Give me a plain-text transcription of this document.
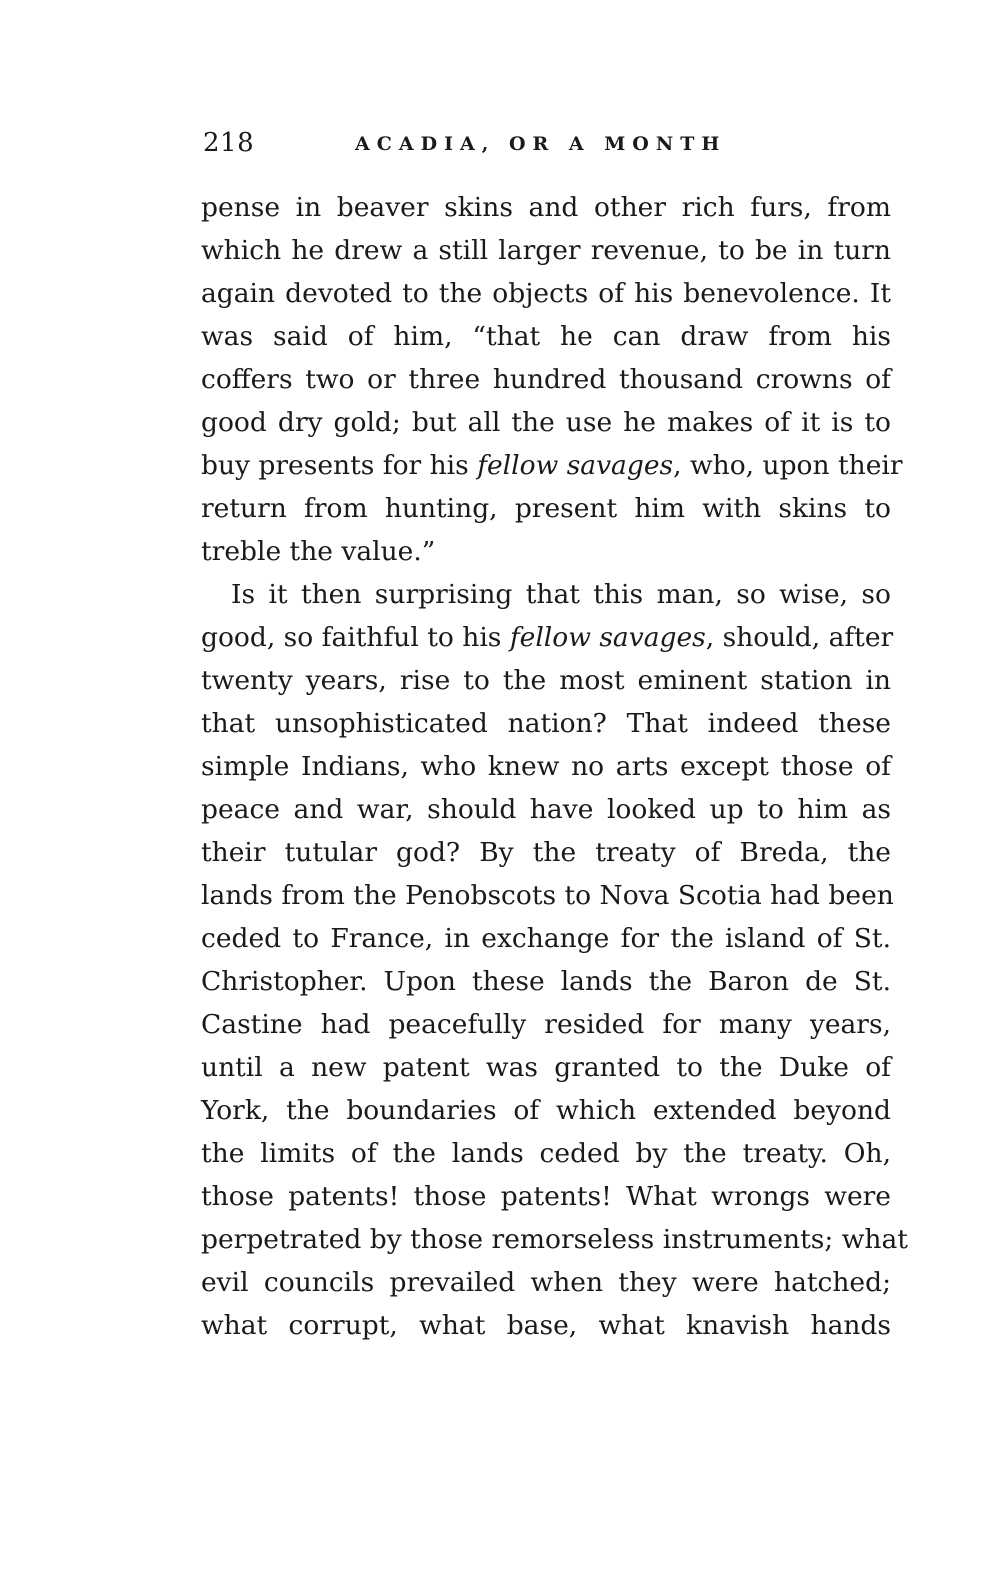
218	ACADIA, OR A MONTH
pense in beaver skins and other rich furs, from
which he drew a still larger revenue, to be in turn
again devoted to the objects of his benevolence. It
was said of him, “that he can draw from his
coffers two or three hundred thousand crowns of
good dry gold; but all the use he makes of it is to
buy presents for his fellow savages, who, upon their
return from hunting, present him with skins to
treble the value.”
Is it then surprising that this man, so wise, so
good, so faithful to his fellow savages, should, after
twenty years, rise to the most eminent station in
that unsophisticated nation? That indeed these
simple Indians, who knew no arts except those of
peace and war, should have looked up to him as
their tutular god? By the treaty of Breda, the
lands from the Penobscots to Nova Scotia had been
ceded to France, in exchange for the island of St.
Christopher. Upon these lands the Baron de St.
Castine had peacefully resided for many years,
until a new patent was granted to the Duke of
York, the boundaries of which extended beyond
the limits of the lands ceded by the treaty. Oh,
those patents! those patents! What wrongs were
perpetrated by those remorseless instruments; what
evil councils prevailed when they were hatched;
what corrupt, what base, what knavish hands
